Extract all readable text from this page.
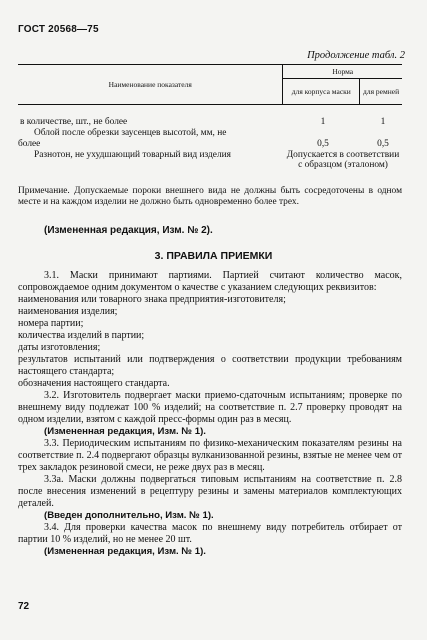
ГОСТ 20568—75
Продолжение табл. 2
Наименование показателя	Норма	
	для корпуса маски	для ремней
в количестве, шт., не более	1	1
Облой после обрезки заусенцев высотой, мм, не
более	0,5	0,5
Разнотон, не ухудшающий товарный вид изделия	Допускается в соответствии с образцом (эталоном)
Примечание. Допускаемые пороки внешнего вида не должны быть сосредоточены в одном месте и на каждом изделии не должно быть одновременно более трех.
(Измененная редакция, Изм. № 2).
3. ПРАВИЛА ПРИЕМКИ

3.1. Маски принимают партиями. Партией считают количество масок, сопровождаемое одним документом о качестве с указанием следующих реквизитов:

наименования или товарного знака предприятия-изготовителя;

наименования изделия;

номера партии;

количества изделий в партии;

даты изготовления;

результатов испытаний или подтверждения о соответствии продукции требованиям настоящего стандарта;

обозначения настоящего стандарта.

3.2. Изготовитель подвергает маски приемо-сдаточным испытаниям; проверке по внешнему виду подлежат 100 % изделий; на соответствие п. 2.7 проверку проводят на одном изделии, взятом с каждой пресс-формы один раз в месяц.

(Измененная редакция, Изм. № 1).

3.3. Периодическим испытаниям по физико-механическим показателям резины на соответствие п. 2.4 подвергают образцы вулканизованной резины, взятые не менее чем от трех закладок резиновой смеси, не реже двух раз в месяц.

3.3а. Маски должны подвергаться типовым испытаниям на соответствие п. 2.8 после внесения изменений в рецептуру резины и замены материалов комплектующих деталей.

(Введен дополнительно, Изм. № 1).

3.4. Для проверки качества масок по внешнему виду потребитель отбирает от партии 10 % изделий, но не менее 20 шт.

(Измененная редакция, Изм. № 1).

72
